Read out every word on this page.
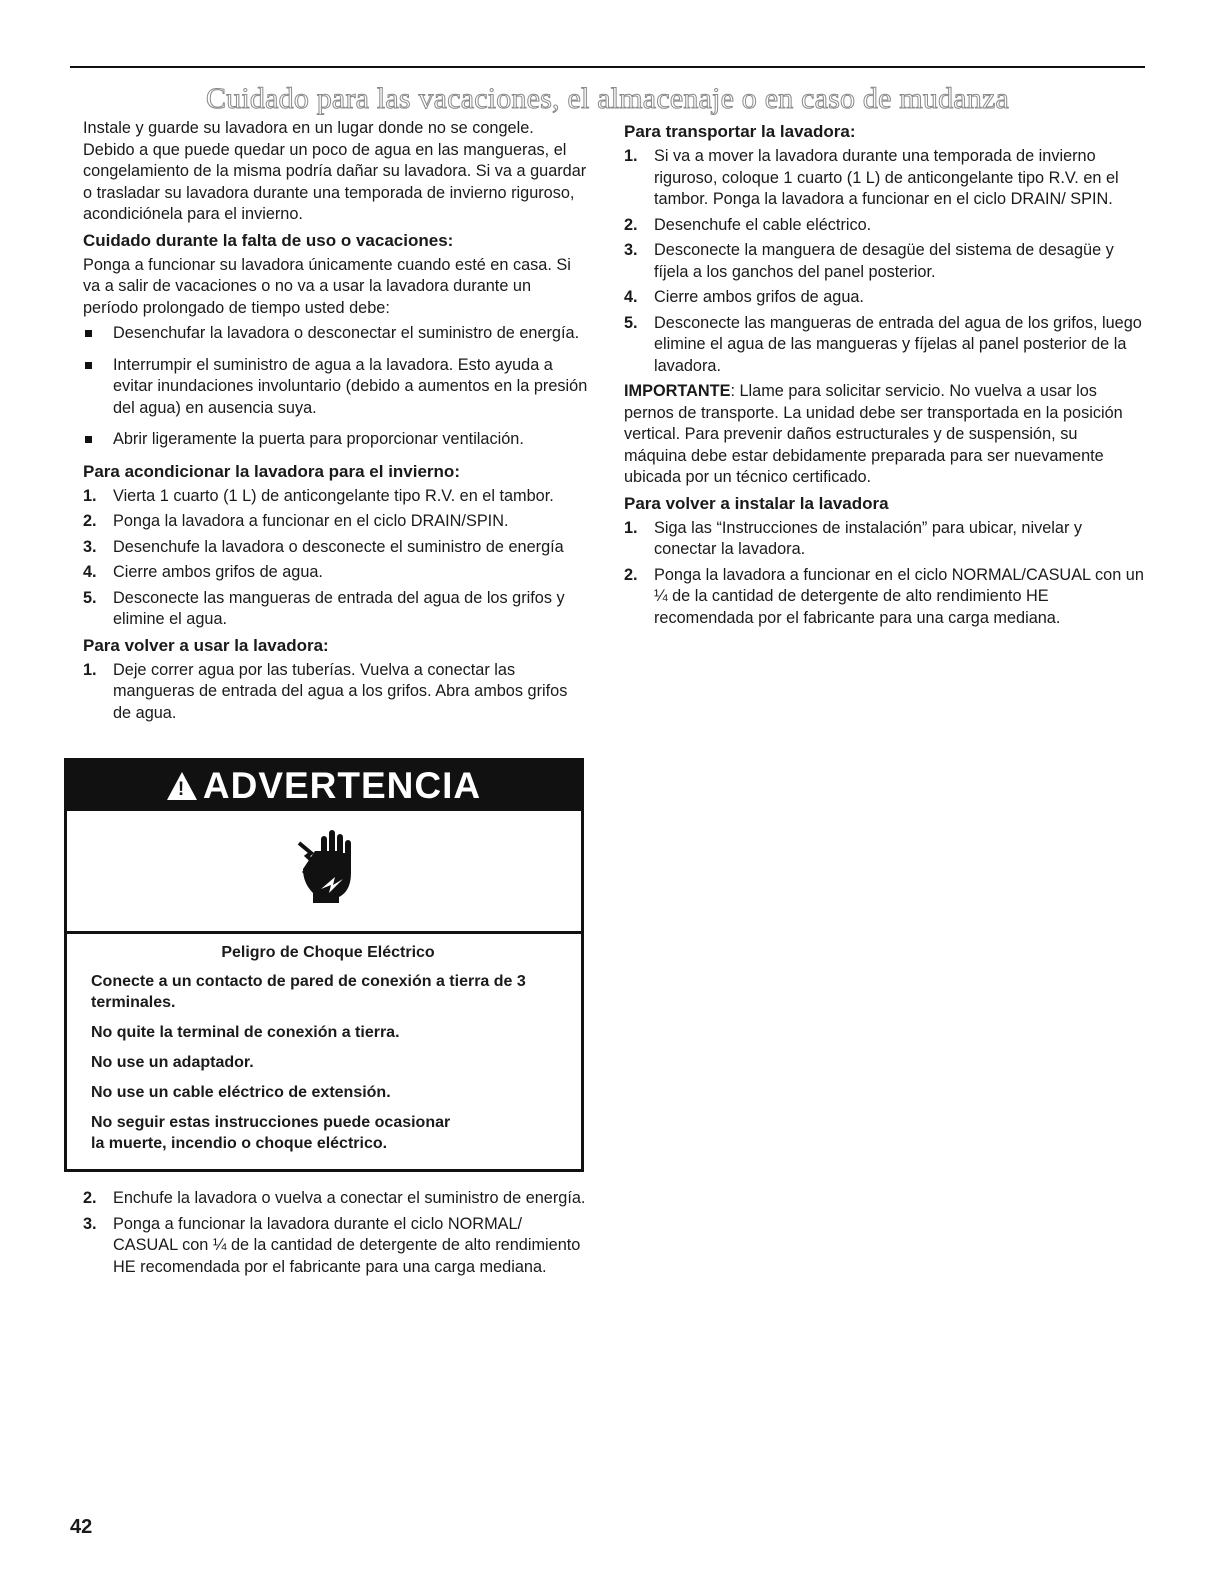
Cuidado para las vacaciones, el almacenaje o en caso de mudanza

Instale y guarde su lavadora en un lugar donde no se congele. Debido a que puede quedar un poco de agua en las mangueras, el congelamiento de la misma podría dañar su lavadora. Si va a guardar o trasladar su lavadora durante una temporada de invierno riguroso, acondiciónela para el invierno.

Cuidado durante la falta de uso o vacaciones:

Ponga a funcionar su lavadora únicamente cuando esté en casa. Si va a salir de vacaciones o no va a usar la lavadora durante un período prolongado de tiempo usted debe:

Desenchufar la lavadora o desconectar el suministro de energía.
Interrumpir el suministro de agua a la lavadora. Esto ayuda a evitar inundaciones involuntario (debido a aumentos en la presión del agua) en ausencia suya.
Abrir ligeramente la puerta para proporcionar ventilación.
Para acondicionar la lavadora para el invierno:
1. Vierta 1 cuarto (1 L) de anticongelante tipo R.V. en el tambor.
2. Ponga la lavadora a funcionar en el ciclo DRAIN/SPIN.
3. Desenchufe la lavadora o desconecte el suministro de energía
4. Cierre ambos grifos de agua.
5. Desconecte las mangueras de entrada del agua de los grifos y elimine el agua.
Para volver a usar la lavadora:
1. Deje correr agua por las tuberías. Vuelva a conectar las mangueras de entrada del agua a los grifos. Abra ambos grifos de agua.
!
ADVERTENCIA
Peligro de Choque Eléctrico

Conecte a un contacto de pared de conexión a tierra de 3 terminales.

No quite la terminal de conexión a tierra.

No use un adaptador.

No use un cable eléctrico de extensión.

No seguir estas instrucciones puede ocasionar
la muerte, incendio o choque eléctrico.

2. Enchufe la lavadora o vuelva a conectar el suministro de energía.
3. Ponga a funcionar la lavadora durante el ciclo NORMAL/ CASUAL con ¼ de la cantidad de detergente de alto rendimiento HE recomendada por el fabricante para una carga mediana.
Para transportar la lavadora:
1. Si va a mover la lavadora durante una temporada de invierno riguroso, coloque 1 cuarto (1 L) de anticongelante tipo R.V. en el tambor. Ponga la lavadora a funcionar en el ciclo DRAIN/ SPIN.
2. Desenchufe el cable eléctrico.
3. Desconecte la manguera de desagüe del sistema de desagüe y fíjela a los ganchos del panel posterior.
4. Cierre ambos grifos de agua.
5. Desconecte las mangueras de entrada del agua de los grifos, luego elimine el agua de las mangueras y fíjelas al panel posterior de la lavadora.

IMPORTANTE: Llame para solicitar servicio. No vuelva a usar los pernos de transporte. La unidad debe ser transportada en la posición vertical. Para prevenir daños estructurales y de suspensión, su máquina debe estar debidamente preparada para ser nuevamente ubicada por un técnico certificado.

Para volver a instalar la lavadora
1. Siga las “Instrucciones de instalación” para ubicar, nivelar y conectar la lavadora.
2. Ponga la lavadora a funcionar en el ciclo NORMAL/CASUAL con un ¼ de la cantidad de detergente de alto rendimiento HE recomendada por el fabricante para una carga mediana.
42
